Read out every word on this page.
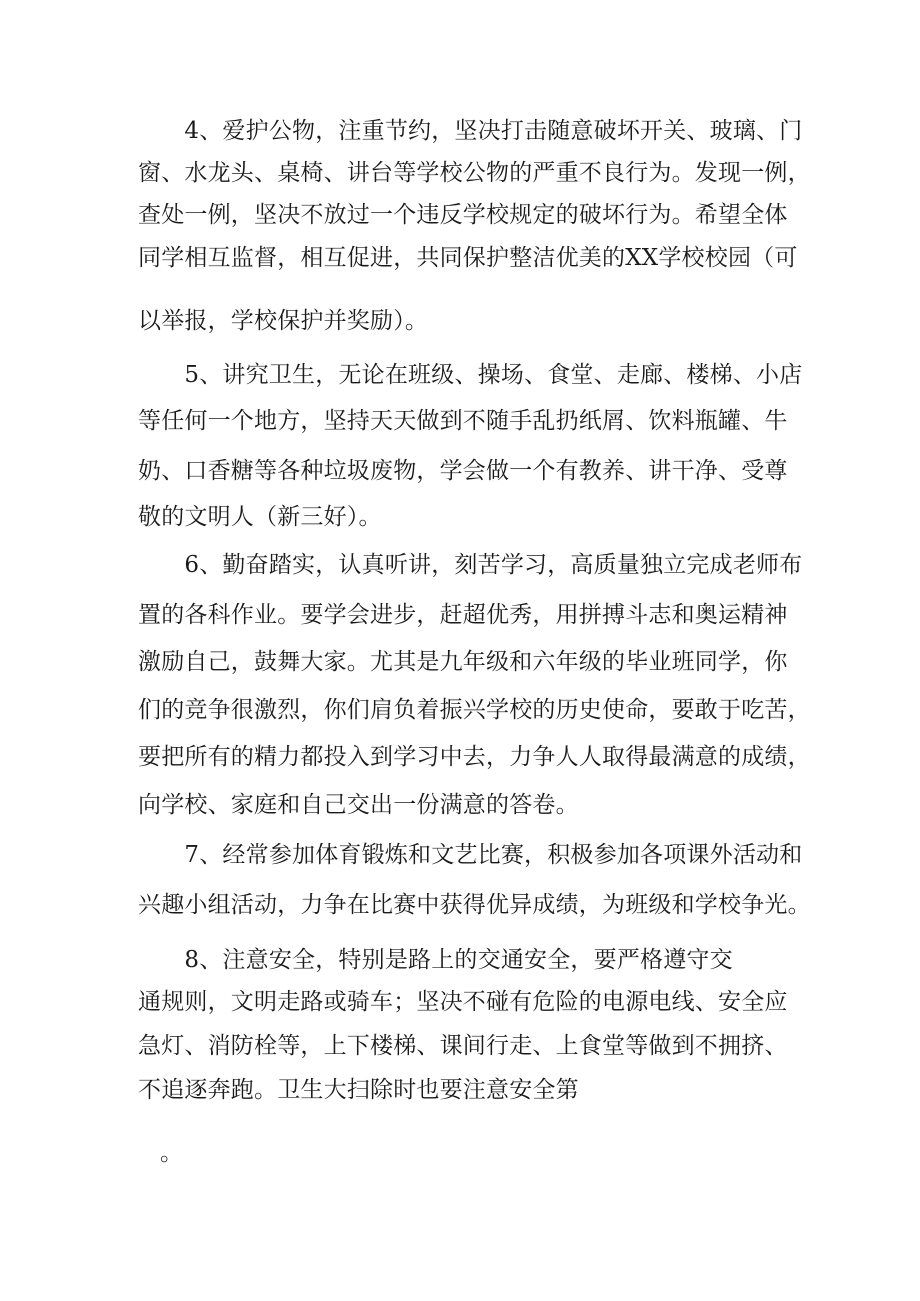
　　4、爱护公物，注重节约，坚决打击随意破坏开关、玻璃、门
窗、水龙头、桌椅、讲台等学校公物的严重不良行为。发现一例，
查处一例，坚决不放过一个违反学校规定的破坏行为。希望全体
同学相互监督，相互促进，共同保护整洁优美的XX学校校园（可
以举报，学校保护并奖励）。
　　5、讲究卫生，无论在班级、操场、食堂、走廊、楼梯、小店
等任何一个地方，坚持天天做到不随手乱扔纸屑、饮料瓶罐、牛
奶、口香糖等各种垃圾废物，学会做一个有教养、讲干净、受尊
敬的文明人（新三好）。
　　6、勤奋踏实，认真听讲，刻苦学习，高质量独立完成老师布
置的各科作业。要学会进步，赶超优秀，用拼搏斗志和奥运精神
激励自己，鼓舞大家。尤其是九年级和六年级的毕业班同学，你
们的竞争很激烈，你们肩负着振兴学校的历史使命，要敢于吃苦，
要把所有的精力都投入到学习中去，力争人人取得最满意的成绩，
向学校、家庭和自己交出一份满意的答卷。
　　7、经常参加体育锻炼和文艺比赛，积极参加各项课外活动和
兴趣小组活动，力争在比赛中获得优异成绩，为班级和学校争光。
　　8、注意安全，特别是路上的交通安全，要严格遵守交
通规则，文明走路或骑车；坚决不碰有危险的电源电线、安全应
急灯、消防栓等，上下楼梯、课间行走、上食堂等做到不拥挤、
不追逐奔跑。卫生大扫除时也要注意安全第
。
